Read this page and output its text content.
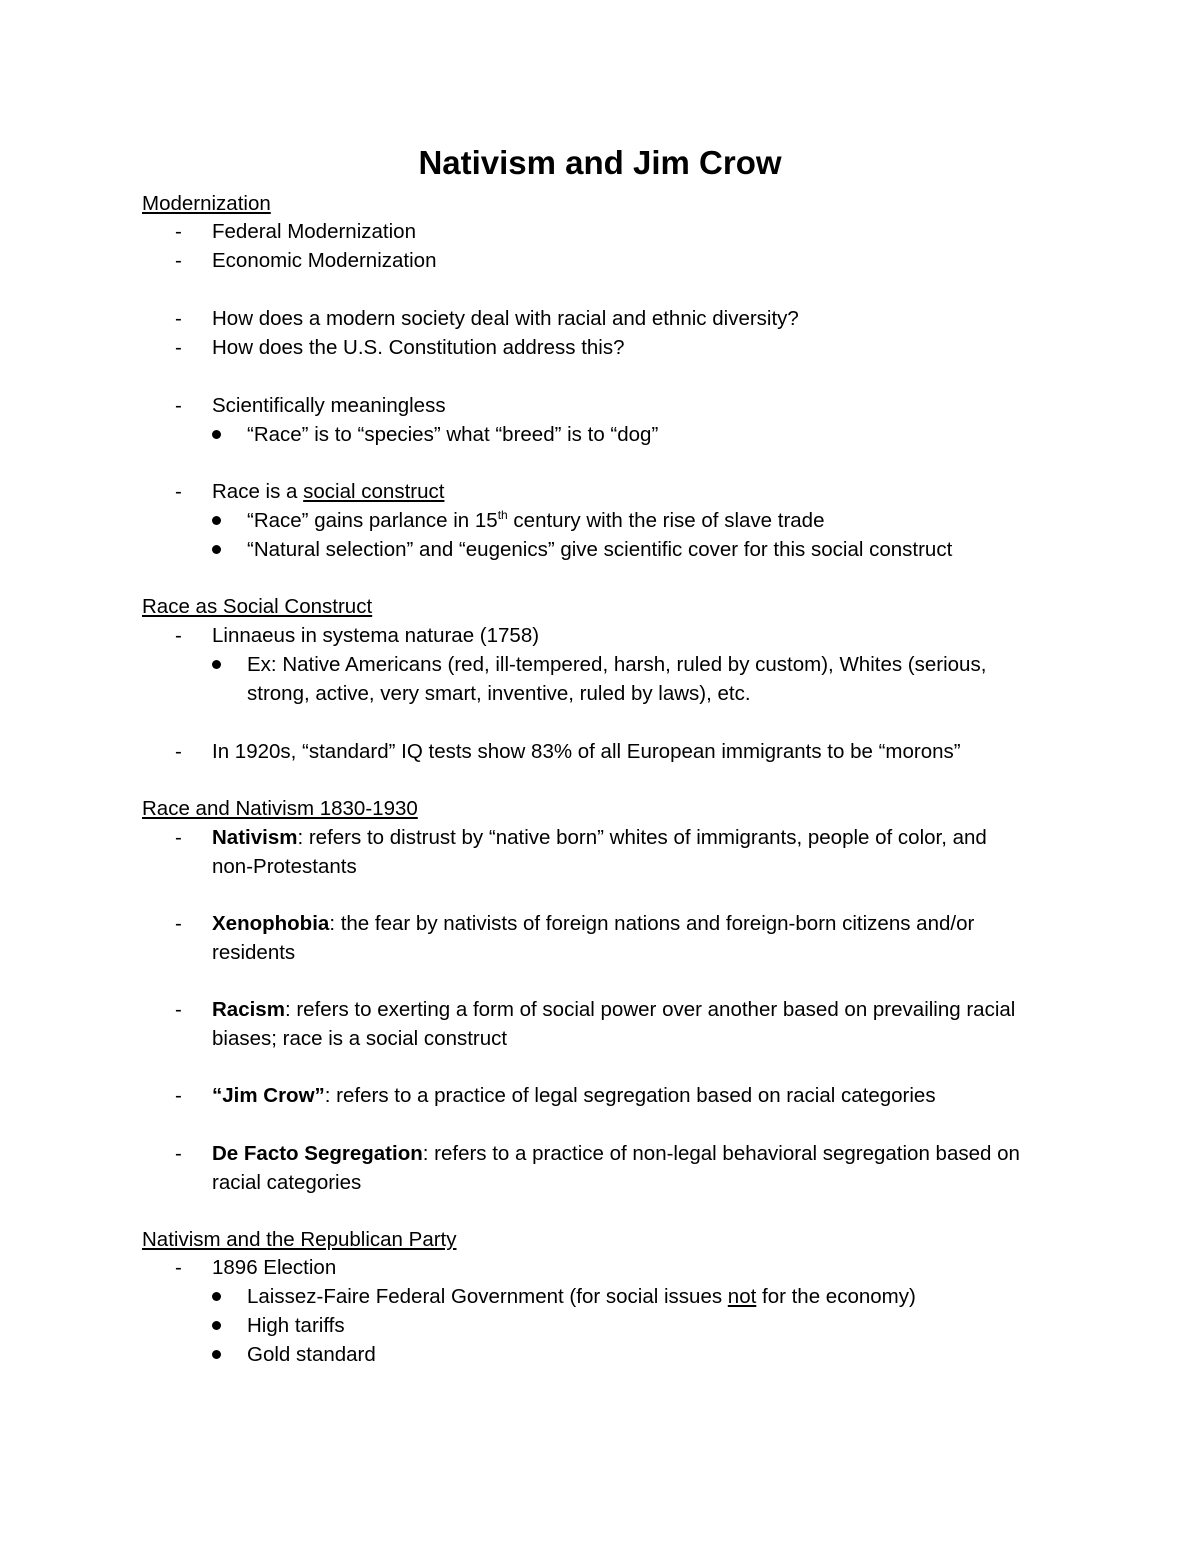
Nativism and Jim Crow

Modernization

- Federal Modernization

- Economic Modernization

- How does a modern society deal with racial and ethnic diversity?

- How does the U.S. Constitution address this?

- Scientifically meaningless

“Race” is to “species” what “breed” is to “dog”

- Race is a social construct

“Race” gains parlance in 15th century with the rise of slave trade

“Natural selection” and “eugenics” give scientific cover for this social construct

Race as Social Construct

- Linnaeus in systema naturae (1758)

Ex: Native Americans (red, ill-tempered, harsh, ruled by custom), Whites (serious,

strong, active, very smart, inventive, ruled by laws), etc.

- In 1920s, “standard” IQ tests show 83% of all European immigrants to be “morons”

Race and Nativism 1830-1930

- Nativism: refers to distrust by “native born” whites of immigrants, people of color, and

non-Protestants

- Xenophobia: the fear by nativists of foreign nations and foreign-born citizens and/or

residents

- Racism: refers to exerting a form of social power over another based on prevailing racial

biases; race is a social construct

- “Jim Crow”: refers to a practice of legal segregation based on racial categories

- De Facto Segregation: refers to a practice of non-legal behavioral segregation based on

racial categories

Nativism and the Republican Party

- 1896 Election

Laissez-Faire Federal Government (for social issues not for the economy)

High tariffs

Gold standard
